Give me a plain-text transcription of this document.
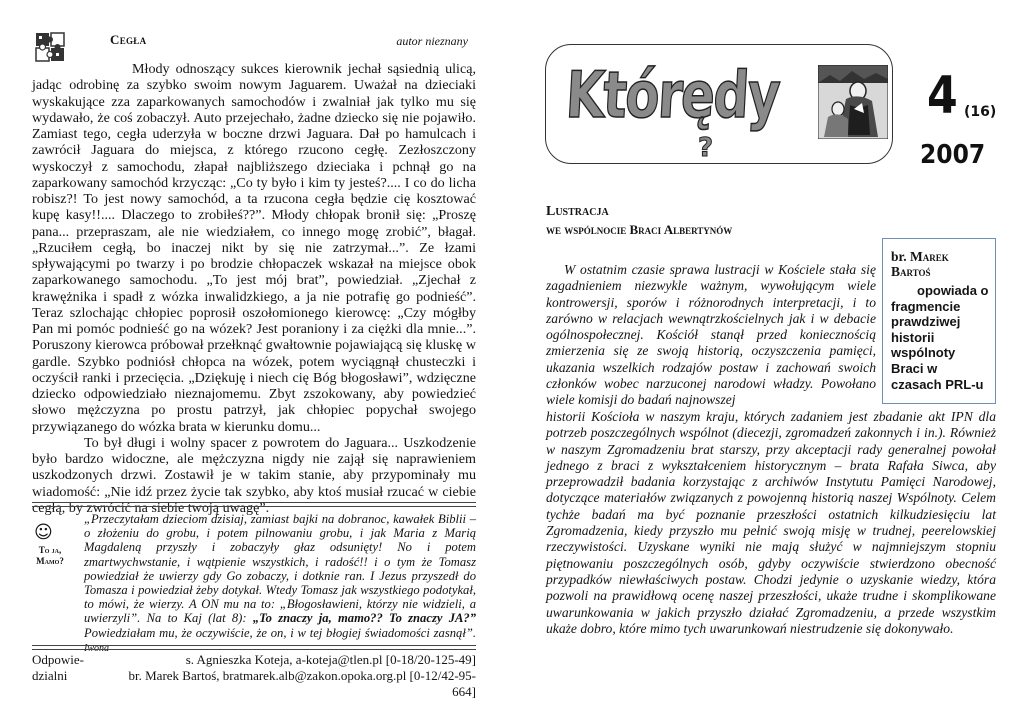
Cegła	autor nieznany

Młody odnoszący sukces kierownik jechał sąsiednią ulicą, jadąc odrobinę za szybko swoim nowym Jaguarem. Uważał na dzieciaki wyskakujące zza zaparkowanych samochodów i zwalniał jak tylko mu się wydawało, że coś zobaczył. Auto przejechało, żadne dziecko się nie pojawiło. Zamiast tego, cegła uderzyła w boczne drzwi Jaguara. Dał po hamulcach i zawrócił Jaguara do miejsca, z którego rzucono cegłę. Zezłoszczony wyskoczył z samochodu, złapał najbliższego dzieciaka i pchnął go na zaparkowany samochód krzycząc: „Co ty było i kim ty jesteś?.... I co do licha robisz?! To jest nowy samochód, a ta rzucona cegła będzie cię kosztować kupę kasy!!.... Dlaczego to zrobiłeś??”. Młody chłopak bronił się: „Proszę pana... przepraszam, ale nie wiedziałem, co innego mogę zrobić”, błagał. „Rzuciłem cegłą, bo inaczej nikt by się nie zatrzymał...”. Ze łzami spływającymi po twarzy i po brodzie chłopaczek wskazał na miejsce obok zaparkowanego samochodu. „To jest mój brat”, powiedział. „Zjechał z krawężnika i spadł z wózka inwalidzkiego, a ja nie potrafię go podnieść”. Teraz szlochając chłopiec poprosił oszołomionego kierowcę: „Czy mógłby Pan mi pomóc podnieść go na wózek? Jest poraniony i za ciężki dla mnie...”. Poruszony kierowca próbował przełknąć gwałtownie pojawiającą się kluskę w gardle. Szybko podniósł chłopca na wózek, potem wyciągnął chusteczki i oczyścił ranki i przecięcia. „Dziękuję i niech cię Bóg błogosławi”, wdzięczne dziecko odpowiedziało nieznajomemu. Zbyt zszokowany, aby powiedzieć słowo mężczyzna po prostu patrzył, jak chłopiec popychał swojego przywiązanego do wózka brata w kierunku domu...

To był długi i wolny spacer z powrotem do Jaguara... Uszkodzenie było bardzo widoczne, ale mężczyzna nigdy nie zajął się naprawieniem uszkodzonych drzwi. Zostawił je w takim stanie, aby przypominały mu wiadomość: „Nie idź przez życie tak szybko, aby ktoś musiał rzucać w ciebie cegłą, by zwrócić na siebie twoją uwagę”.

☺
To ja,
Mamo?
„Przeczytałam dzieciom dzisiaj, zamiast bajki na dobranoc, kawałek Biblii – o złożeniu do grobu, i potem pilnowaniu grobu, i jak Maria z Marią Magdaleną przyszły i zobaczyły głaz odsunięty! No i potem zmartwychwstanie, i wątpienie wszystkich, i radość!! i o tym że Tomasz powiedział że uwierzy gdy Go zobaczy, i dotknie ran. I Jezus przyszedł do Tomasza i powiedział żeby dotykał. Wtedy Tomasz jak wszystkiego podotykał, to mówi, że wierzy. A ON mu na to: „Błogosławieni, którzy nie widzieli, a uwierzyli”. Na to Kaj (lat 8): „To znaczy ja, mamo?? To znaczy JA?” Powiedziałam mu, że oczywiście, że on, i w tej błogiej świadomości zasnął”. Iwona
Odpowie-	s. Agnieszka Koteja, a-koteja@tlen.pl [0-18/20-125-49]
dzialni	br. Marek Bartoś, bratmarek.alb@zakon.opoka.org.pl [0-12/42-95-664]
Którędy
?
4 (16)
2007
Lustracja
we wspólnocie Braci Albertynów
br. Marek Bartoś
opowiada o fragmencie prawdziwej historii wspólnoty Braci w czasach PRL-u

W ostatnim czasie sprawa lustracji w Kościele stała się zagadnieniem niezwykle ważnym, wywołującym wiele kontrowersji, sporów i różnorodnych interpretacji, i to zarówno w relacjach wewnątrzkościelnych jak i w debacie ogólnospołecznej. Kościół stanął przed koniecznością zmierzenia się ze swoją historią, oczyszczenia pamięci, ukazania wszelkich rodzajów postaw i zachowań swoich członków wobec narzuconej narodowi władzy. Powołano wiele komisji do badań najnowszej

historii Kościoła w naszym kraju, których zadaniem jest zbadanie akt IPN dla potrzeb poszczególnych wspólnot (diecezji, zgromadzeń zakonnych i in.). Również w naszym Zgromadzeniu brat starszy, przy akceptacji rady generalnej powołał jednego z braci z wykształceniem historycznym – brata Rafała Siwca, aby przeprowadził badania korzystając z archiwów Instytutu Pamięci Narodowej, dotyczące materiałów związanych z powojenną historią naszej Wspólnoty. Celem tychże badań ma być poznanie przeszłości ostatnich kilkudziesięciu lat Zgromadzenia, kiedy przyszło mu pełnić swoją misję w trudnej, peerelowskiej rzeczywistości. Uzyskane wyniki nie mają służyć w najmniejszym stopniu piętnowaniu poszczególnych osób, gdyby oczywiście stwierdzono obecność przypadków niewłaściwych postaw. Chodzi jedynie o uzyskanie wiedzy, która pozwoli na prawidłową ocenę naszej przeszłości, ukaże trudne i skomplikowane uwarunkowania w jakich przyszło działać Zgromadzeniu, a przede wszystkim ukaże dobro, które mimo tych uwarunkowań niestrudzenie się dokonywało.
